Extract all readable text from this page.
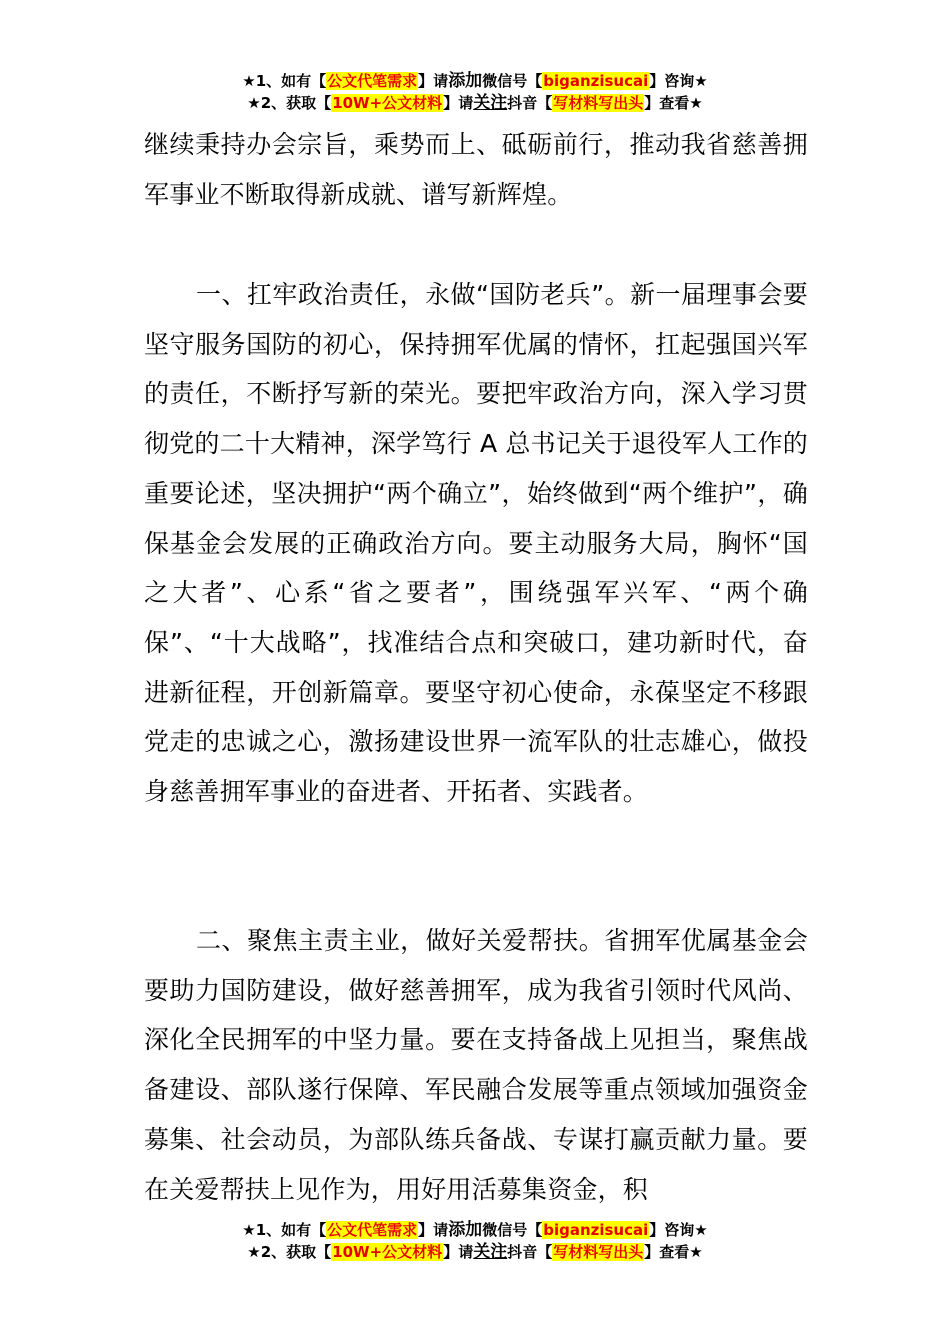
★1、如有【公文代笔需求】请添加微信号【biganzisucai】咨询★
★2、获取【10W+公文材料】请关注抖音【写材料写出头】查看★

继续秉持办会宗旨，乘势而上、砥砺前行，推动我省慈善拥军事业不断取得新成就、谱写新辉煌。

一、扛牢政治责任，永做“国防老兵”。新一届理事会要坚守服务国防的初心，保持拥军优属的情怀，扛起强国兴军的责任，不断抒写新的荣光。要把牢政治方向，深入学习贯彻党的二十大精神，深学笃行 A 总书记关于退役军人工作的重要论述，坚决拥护“两个确立”，始终做到“两个维护”，确保基金会发展的正确政治方向。要主动服务大局，胸怀“国之大者”、心系“省之要者”，围绕强军兴军、“两个确保”、“十大战略”，找准结合点和突破口，建功新时代，奋进新征程，开创新篇章。要坚守初心使命，永葆坚定不移跟党走的忠诚之心，激扬建设世界一流军队的壮志雄心，做投身慈善拥军事业的奋进者、开拓者、实践者。

二、聚焦主责主业，做好关爱帮扶。省拥军优属基金会要助力国防建设，做好慈善拥军，成为我省引领时代风尚、深化全民拥军的中坚力量。要在支持备战上见担当，聚焦战备建设、部队遂行保障、军民融合发展等重点领域加强资金募集、社会动员，为部队练兵备战、专谋打赢贡献力量。要在关爱帮扶上见作为，用好用活募集资金，积

★1、如有【公文代笔需求】请添加微信号【biganzisucai】咨询★
★2、获取【10W+公文材料】请关注抖音【写材料写出头】查看★
